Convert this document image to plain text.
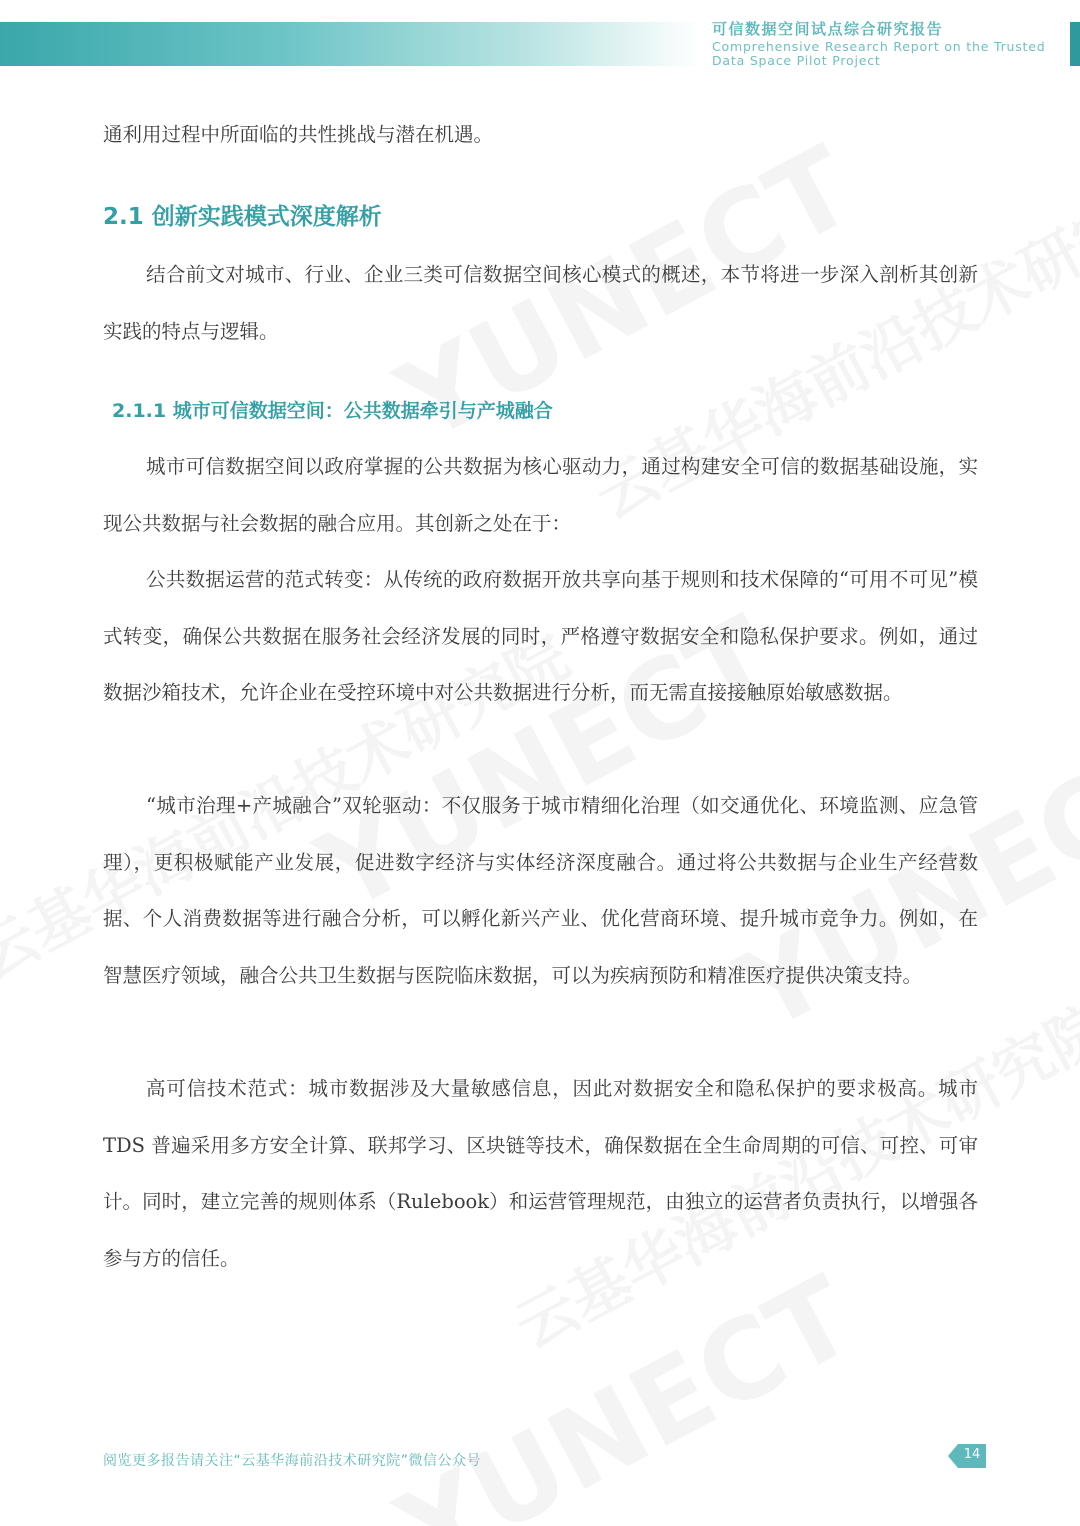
可信数据空间试点综合研究报告
Comprehensive Research Report on the Trusted
Data Space Pilot Project

通利用过程中所面临的共性挑战与潜在机遇。

2.1 创新实践模式深度解析

结合前文对城市、行业、企业三类可信数据空间核心模式的概述，本节将进一步深入剖析其创新实践的特点与逻辑。

2.1.1 城市可信数据空间：公共数据牵引与产城融合

城市可信数据空间以政府掌握的公共数据为核心驱动力，通过构建安全可信的数据基础设施，实现公共数据与社会数据的融合应用。其创新之处在于：

公共数据运营的范式转变：从传统的政府数据开放共享向基于规则和技术保障的“可用不可见”模式转变，确保公共数据在服务社会经济发展的同时，严格遵守数据安全和隐私保护要求。例如，通过数据沙箱技术，允许企业在受控环境中对公共数据进行分析，而无需直接接触原始敏感数据。

“城市治理+产城融合”双轮驱动：不仅服务于城市精细化治理（如交通优化、环境监测、应急管理），更积极赋能产业发展，促进数字经济与实体经济深度融合。通过将公共数据与企业生产经营数据、个人消费数据等进行融合分析，可以孵化新兴产业、优化营商环境、提升城市竞争力。例如，在智慧医疗领域，融合公共卫生数据与医院临床数据，可以为疾病预防和精准医疗提供决策支持。

高可信技术范式：城市数据涉及大量敏感信息，因此对数据安全和隐私保护的要求极高。城市 TDS 普遍采用多方安全计算、联邦学习、区块链等技术，确保数据在全生命周期的可信、可控、可审计。同时，建立完善的规则体系（Rulebook）和运营管理规范，由独立的运营者负责执行，以增强各参与方的信任。

阅览更多报告请关注“云基华海前沿技术研究院”微信公众号	14
